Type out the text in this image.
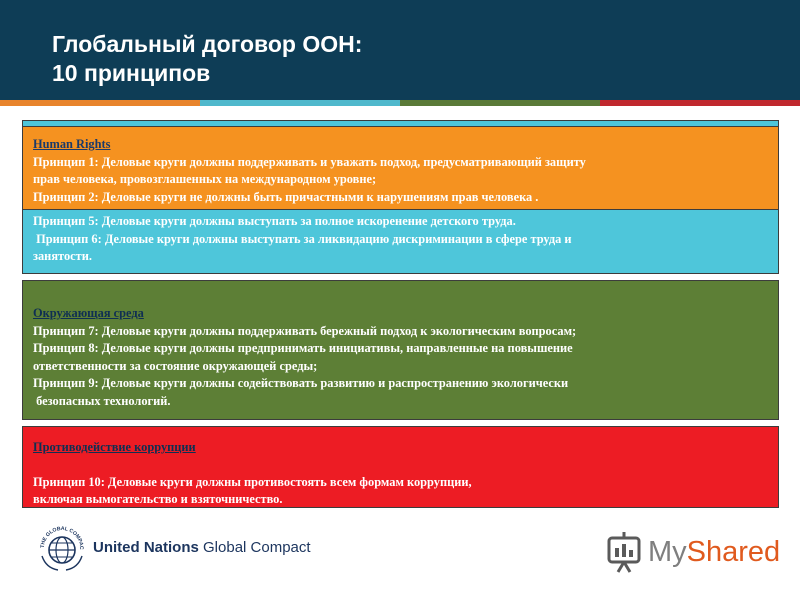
Глобальный договор ООН:
10 принципов
Принцип 5: Деловые круги должны выступать за полное искоренение детского труда.
Принцип 6: Деловые круги должны выступать за ликвидацию дискриминации в сфере труда и
занятости.
Human Rights
Принцип 1: Деловые круги должны поддерживать и уважать подход, предусматривающий защиту
прав человека, провозглашенных на международном уровне;
Принцип 2: Деловые круги не должны быть причастными к нарушениям прав человека .
Окружающая среда
Принцип 7: Деловые круги должны поддерживать бережный подход к экологическим вопросам;
Принцип 8: Деловые круги должны предпринимать инициативы, направленные на повышение
ответственности за состояние окружающей среды;
Принцип 9: Деловые круги должны содействовать развитию и распространению экологически
безопасных технологий.
Противодействие коррупции
Принцип 10: Деловые круги должны противостоять всем формам коррупции,
включая вымогательство и взяточничество.
THE GLOBAL COMPAC United Nations Global Compact	MyShared
